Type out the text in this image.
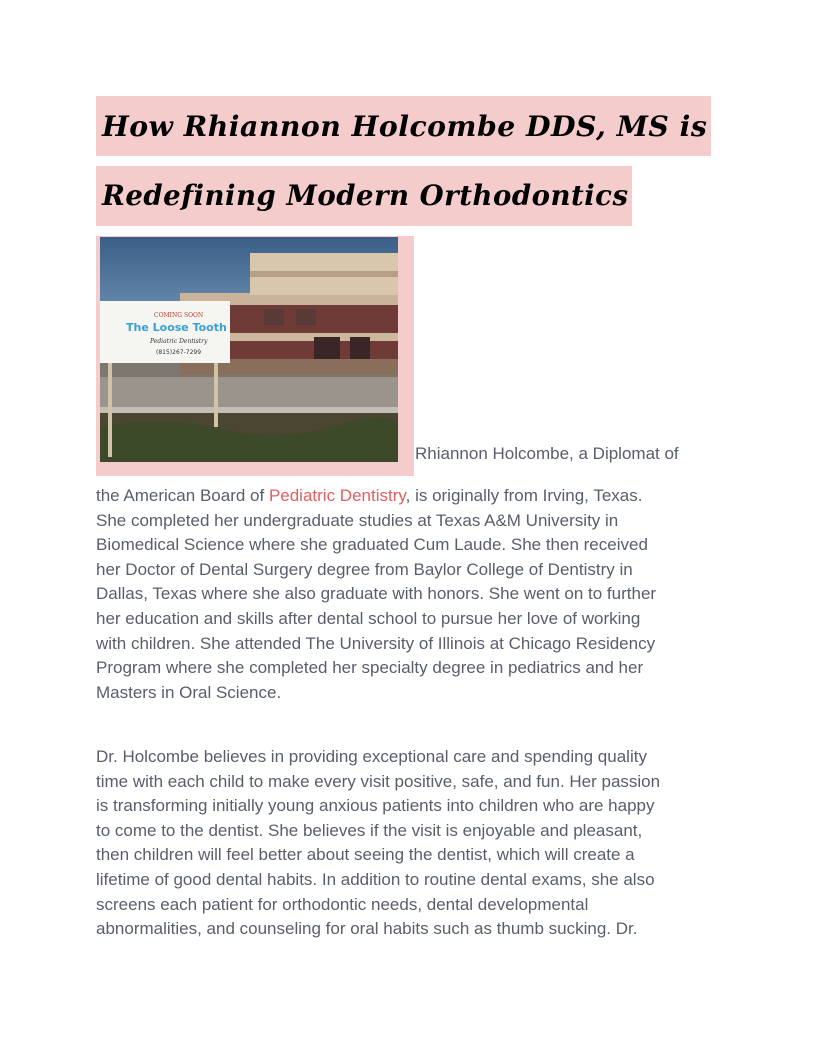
How Rhiannon Holcombe DDS, MS is
Redefining Modern Orthodontics
COMING SOON
The Loose Tooth
Pediatric Dentistry
(815)267-7299
Rhiannon Holcombe, a Diplomat of
the American Board of Pediatric Dentistry, is originally from Irving, Texas.
She completed her undergraduate studies at Texas A&M University in
Biomedical Science where she graduated Cum Laude. She then received
her Doctor of Dental Surgery degree from Baylor College of Dentistry in
Dallas, Texas where she also graduate with honors. She went on to further
her education and skills after dental school to pursue her love of working
with children. She attended The University of Illinois at Chicago Residency
Program where she completed her specialty degree in pediatrics and her
Masters in Oral Science.
Dr. Holcombe believes in providing exceptional care and spending quality
time with each child to make every visit positive, safe, and fun. Her passion
is transforming initially young anxious patients into children who are happy
to come to the dentist. She believes if the visit is enjoyable and pleasant,
then children will feel better about seeing the dentist, which will create a
lifetime of good dental habits. In addition to routine dental exams, she also
screens each patient for orthodontic needs, dental developmental
abnormalities, and counseling for oral habits such as thumb sucking. Dr.
